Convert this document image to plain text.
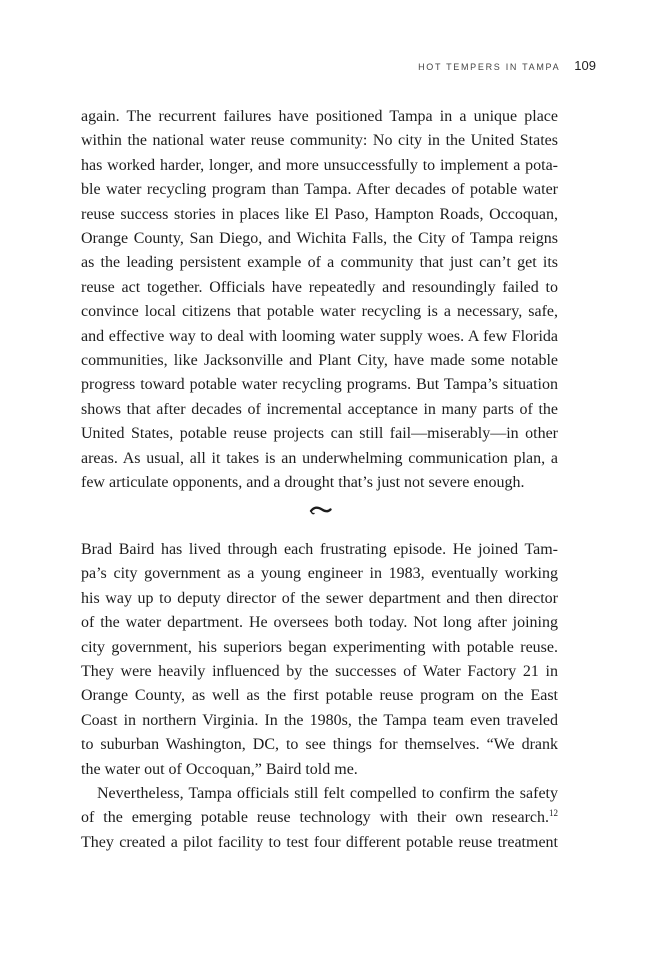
HOT TEMPERS IN TAMPA 109
again. The recurrent failures have positioned Tampa in a unique place
within the national water reuse community: No city in the United States
has worked harder, longer, and more unsuccessfully to implement a pota-
ble water recycling program than Tampa. After decades of potable water
reuse success stories in places like El Paso, Hampton Roads, Occoquan,
Orange County, San Diego, and Wichita Falls, the City of Tampa reigns
as the leading persistent example of a community that just can’t get its
reuse act together. Officials have repeatedly and resoundingly failed to
convince local citizens that potable water recycling is a necessary, safe,
and effective way to deal with looming water supply woes. A few Florida
communities, like Jacksonville and Plant City, have made some notable
progress toward potable water recycling programs. But Tampa’s situation
shows that after decades of incremental acceptance in many parts of the
United States, potable reuse projects can still fail—miserably—in other
areas. As usual, all it takes is an underwhelming communication plan, a
few articulate opponents, and a drought that’s just not severe enough.
Brad Baird has lived through each frustrating episode. He joined Tam-
pa’s city government as a young engineer in 1983, eventually working
his way up to deputy director of the sewer department and then director
of the water department. He oversees both today. Not long after joining
city government, his superiors began experimenting with potable reuse.
They were heavily influenced by the successes of Water Factory 21 in
Orange County, as well as the first potable reuse program on the East
Coast in northern Virginia. In the 1980s, the Tampa team even traveled
to suburban Washington, DC, to see things for themselves. “We drank
the water out of Occoquan,” Baird told me.
Nevertheless, Tampa officials still felt compelled to confirm the safety
of the emerging potable reuse technology with their own research.$^{12}$
They created a pilot facility to test four different potable reuse treatment
